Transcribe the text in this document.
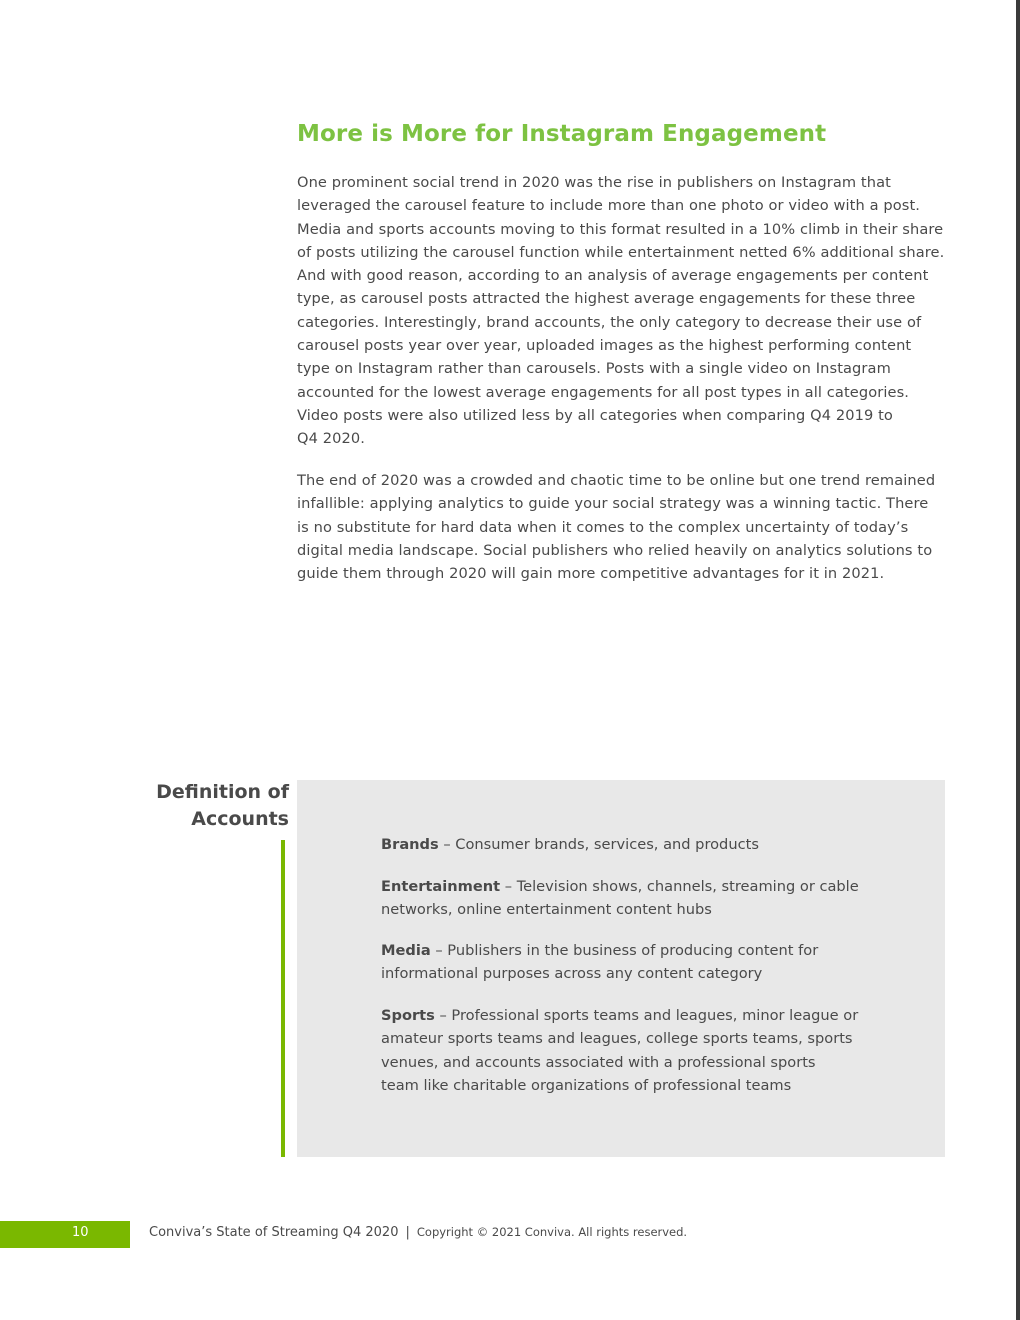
More is More for Instagram Engagement

One prominent social trend in 2020 was the rise in publishers on Instagram that
leveraged the carousel feature to include more than one photo or video with a post.
Media and sports accounts moving to this format resulted in a 10% climb in their share
of posts utilizing the carousel function while entertainment netted 6% additional share.
And with good reason, according to an analysis of average engagements per content
type, as carousel posts attracted the highest average engagements for these three
categories. Interestingly, brand accounts, the only category to decrease their use of
carousel posts year over year, uploaded images as the highest performing content
type on Instagram rather than carousels. Posts with a single video on Instagram
accounted for the lowest average engagements for all post types in all categories.
Video posts were also utilized less by all categories when comparing Q4 2019 to
Q4 2020.

The end of 2020 was a crowded and chaotic time to be online but one trend remained
infallible: applying analytics to guide your social strategy was a winning tactic. There
is no substitute for hard data when it comes to the complex uncertainty of today’s
digital media landscape. Social publishers who relied heavily on analytics solutions to
guide them through 2020 will gain more competitive advantages for it in 2021.

Definition of
Accounts

Brands – Consumer brands, services, and products

Entertainment – Television shows, channels, streaming or cable
networks, online entertainment content hubs

Media – Publishers in the business of producing content for
informational purposes across any content category

Sports – Professional sports teams and leagues, minor league or
amateur sports teams and leagues, college sports teams, sports
venues, and accounts associated with a professional sports
team like charitable organizations of professional teams

10	Conviva’s State of Streaming Q4 2020 | Copyright © 2021 Conviva. All rights reserved.
